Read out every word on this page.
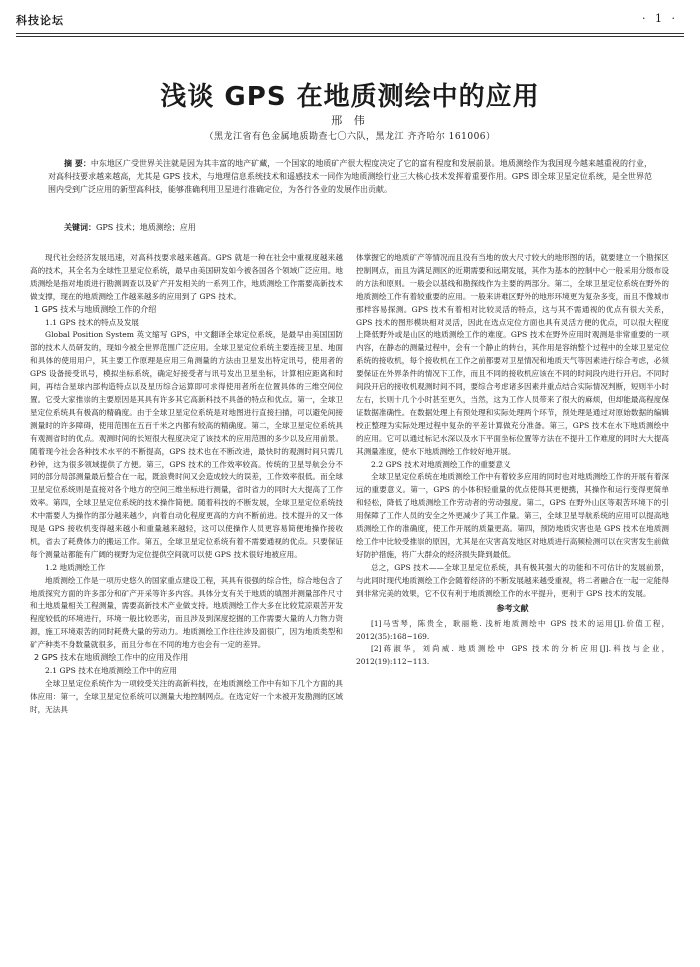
科技论坛	· 1 ·
浅谈 GPS 在地质测绘中的应用
邢 伟
（黑龙江省有色金属地质勘查七〇六队，黑龙江 齐齐哈尔 161006）
摘 要：中东地区广受世界关注就是因为其丰富的地产矿藏，一个国家的地质矿产很大程度决定了它的富有程度和发展前景。地质测绘作为我国现今越来越重视的行业，对高科技要求越来越高，尤其是 GPS 技术，与地理信息系统技术和遥感技术一同作为地质测绘行业三大核心技术发挥着重要作用。GPS 即全球卫星定位系统，是全世界范围内受到广泛应用的新型高科技，能够准确利用卫星进行准确定位，为各行各业的发展作出贡献。
关键词：GPS 技术；地质测绘；应用

现代社会经济发展迅速，对高科技要求越来越高。GPS 就是一种在社会中重视度越来越高的技术，其全名为全球性卫星定位系统，最早由美国研发如今被各国各个领域广泛应用。地质测绘是指对地质进行勘测调查以及矿产开发相关的一系列工作，地质测绘工作需要高新技术做支撑，现在的地质测绘工作越来越多的应用到了 GPS 技术。

1 GPS 技术与地质测绘工作的介绍

1.1 GPS 技术的特点及发展

Global Position System 英文缩写 GPS，中文翻译全球定位系统，是最早由美国国防部的技术人员研发的，现如今被全世界范围广泛应用。全球卫星定位系统主要连接卫星、地面和具体的使用用户，其主要工作原理是应用三角测量的方法由卫星发出特定讯号，使用者的 GPS 设备接受讯号，模拟坐标系统，确定好接受者与讯号发出卫星坐标，计算相应距离和时间，再结合星球内部构造特点以及星历综合运算即可求得使用者所在位置具体的三维空间位置。它受大家推崇的主要原因是其具有许多其它高新科技不具备的特点和优点。第一，全球卫星定位系统具有极高的精确度。由于全球卫星定位系统是对地图进行直接扫描，可以避免间接测量时的许多障碍，使用范围在五百千米之内都有较高的精确度。第二，全球卫星定位系统具有观测省时的优点。观测时间的长短很大程度决定了该技术的应用范围的多少以及应用前景。随着现今社会各种技术水平的不断提高，GPS 技术也在不断改进，最快时的观测时间只需几秒钟，这为很多领域提供了方便。第三，GPS 技术的工作效率较高。传统的卫星导航会分不同的部分局部测量最后整合在一起，既浪费时间又会造成较大的误差，工作效率很低。而全球卫星定位系统则是直接对各个地方的空间三维坐标进行测量，省时省力的同时大大提高了工作效率。第四，全球卫星定位系统的技术操作简便。随着科技的不断发展，全球卫星定位系统技术中需要人为操作的部分越来越少，向着自动化程度更高的方向不断前进。技术提升的又一体现是 GPS 接收机变得越来越小和重量越来越轻，这可以使操作人员更容易简便地操作接收机，省去了耗费体力的搬运工作。第五，全球卫星定位系统有着不需要通视的优点。只要保证每个测量站都能有广阔的视野为定位提供空间就可以使 GPS 技术很好地被应用。

1.2 地质测绘工作

地质测绘工作是一项历史悠久的国家重点建设工程，其具有很强的综合性，综合地包含了地质探究方面的许多部分和矿产开采等许多内容。具体分支有关于地质的填图并测量部件尺寸和土地质量相关工程测量，需要高新技术产业做支持。地质测绘工作大多在比较荒凉艰苦开发程度较低的环境进行，环境一般比较恶劣，而且涉及到深度挖掘的工作需要大量的人力物力资源，施工环境艰苦的同时耗费大量的劳动力。地质测绘工作往往涉及面很广，因为地质类型和矿产种类不身数量就很多，而且分布在不同的地方也会有一定的差异。

2 GPS 技术在地质测绘工作中的应用及作用

2.1 GPS 技术在地质测绘工作中的应用

全球卫星定位系统作为一项较受关注的高新科技，在地质测绘工作中有如下几个方面的具体应用：第一，全球卫星定位系统可以测量大地控制网点。在选定好一个未被开发勘测的区域时，无法具

体掌握它的地质矿产等情况而且没有当地的放大尺寸较大的地形图的话，就要建立一个勘探区控制网点，而且为满足测区的近期需要和远期发展，其作为基本的控制中心一般采用分级布设的方法和原则。一般会以基线和勘探线作为主要的两部分。第二，全球卫星定位系统在野外的地质测绘工作有着较重要的应用。一般来讲难区野外的地形环境更为复杂多变，而且不像城市那样容易探测。GPS 技术有着相对比较灵活的特点，这与其不需通视的优点有很大关系，GPS 技术的图形模块相对灵活，因此在选点定位方面也具有灵活方便的优点，可以很大程度上降低野外或是山区的地质测绘工作的难度。GPS 技术在野外应用时观测是非常重要的一项内容，在静态的测量过程中，会有一个静止的转台，其作用是容纳整个过程中的全球卫星定位系统的接收机，每个接收机在工作之前都要对卫星情况和地质天气等因素进行综合考虑，必须要保证在外界条件的情况下工作，而且不同的接收机应该在不同的时间段内进行开启。不同时间段开启的接收机观测时间不同，要综合考虑诸多因素并重点结合实际情况判断，短则半小时左右，长则十几个小时甚至更久，当然，这为工作人员带来了很大的麻烦，但却能最高程度保证数据准确性。在数据处理上有预处理和实际处理两个环节，预处理是通过对原始数据的编辑校正整理为实际处理过程中复杂的平差计算做充分准备。第三，GPS 技术在水下地质测绘中的应用。它可以通过标记水深以及水下平面坐标位置等方法在不提升工作难度的同时大大提高其测量准度，使水下地质测绘工作较好地开展。

2.2 GPS 技术对地质测绘工作的重要意义

全球卫星定位系统在地质测绘工作中有着较多应用的同时也对地质测绘工作的开展有着深远的重要意义。第一，GPS 的小体积轻重量的优点使得其更便携，其操作和运行变得更简单和轻松，降低了地质测绘工作劳动者的劳动强度。第二，GPS 在野外山区等艰苦环境下的引用保障了工作人员的安全之外更减少了其工作量。第三，全球卫星导航系统的应用可以提高地质测绘工作的准确度，使工作开展的质量更高。第四，预防地质灾害也是 GPS 技术在地质测绘工作中比较受推崇的原因，尤其是在灾害高发地区对地质进行高频检测可以在灾害发生前做好防护措施，将广大群众的经济损失降到最低。

总之，GPS 技术——全球卫星定位系统，具有极其强大的功能和不可估计的发展前景，与此同时现代地质测绘工作会随着经济的不断发展越来越受重视，将二者融合在一起一定能得到非常完美的效果，它不仅有利于地质测绘工作的水平提升，更利于 GPS 技术的发展。

参考文献

[1]马雪琴，陈贵全，耿丽艳. 浅析地质测绘中 GPS 技术的运用[J].价值工程，2012(35):168~169.

[2]蒋淑华，刘尚威. 地质测绘中 GPS 技术的分析应用[J].科技与企业，2012(19):112~113.
